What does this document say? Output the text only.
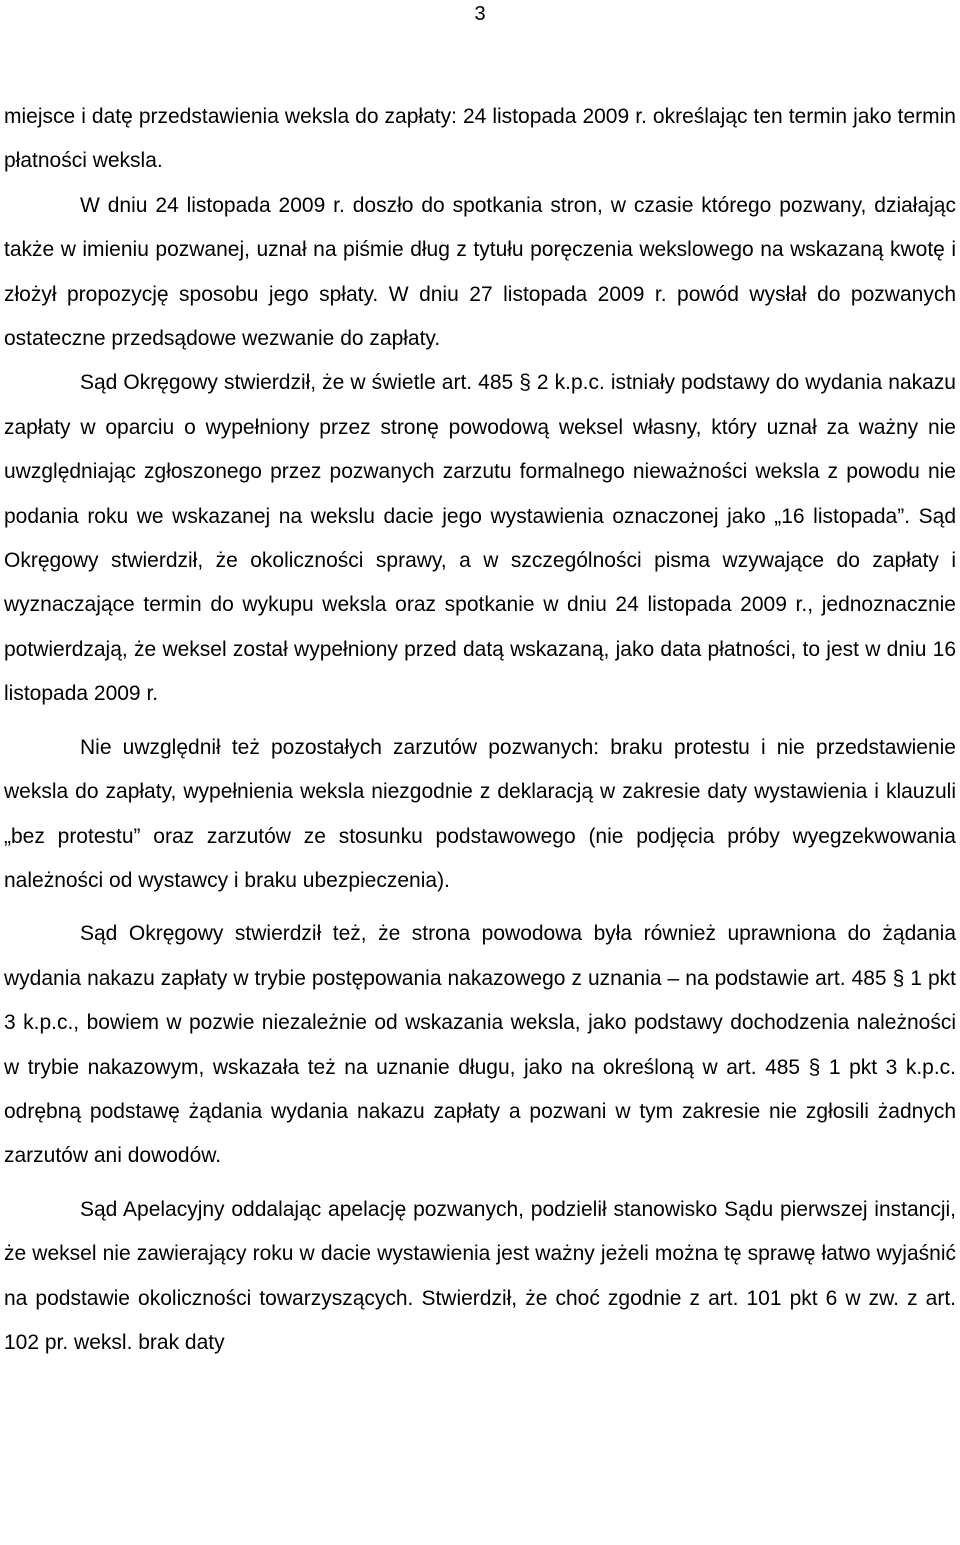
3

miejsce i datę przedstawienia weksla do zapłaty: 24 listopada 2009 r. określając ten termin jako termin płatności weksla.

W dniu 24 listopada 2009 r. doszło do spotkania stron, w czasie którego pozwany, działając także w imieniu pozwanej, uznał na piśmie dług z tytułu poręczenia wekslowego na wskazaną kwotę i złożył propozycję sposobu jego spłaty. W dniu 27 listopada 2009 r. powód wysłał do pozwanych ostateczne przedsądowe wezwanie do zapłaty.

Sąd Okręgowy stwierdził, że w świetle art. 485 § 2 k.p.c. istniały podstawy do wydania nakazu zapłaty w oparciu o wypełniony przez stronę powodową weksel własny, który uznał za ważny nie uwzględniając zgłoszonego przez pozwanych zarzutu formalnego nieważności weksla z powodu nie podania roku we wskazanej na wekslu dacie jego wystawienia oznaczonej jako „16 listopada”. Sąd Okręgowy stwierdził, że okoliczności sprawy, a w szczególności pisma wzywające do zapłaty i wyznaczające termin do wykupu weksla oraz spotkanie w dniu 24 listopada 2009 r., jednoznacznie potwierdzają, że weksel został wypełniony przed datą wskazaną, jako data płatności, to jest w dniu 16 listopada 2009 r.

Nie uwzględnił też pozostałych zarzutów pozwanych: braku protestu i nie przedstawienie weksla do zapłaty, wypełnienia weksla niezgodnie z deklaracją w zakresie daty wystawienia i klauzuli „bez protestu” oraz zarzutów ze stosunku podstawowego (nie podjęcia próby wyegzekwowania należności od wystawcy i braku ubezpieczenia).

Sąd Okręgowy stwierdził też, że strona powodowa była również uprawniona do żądania wydania nakazu zapłaty w trybie postępowania nakazowego z uznania – na podstawie art. 485 § 1 pkt 3 k.p.c., bowiem w pozwie niezależnie od wskazania weksla, jako podstawy dochodzenia należności w trybie nakazowym, wskazała też na uznanie długu, jako na określoną w art. 485 § 1 pkt 3 k.p.c. odrębną podstawę żądania wydania nakazu zapłaty a pozwani w tym zakresie nie zgłosili żadnych zarzutów ani dowodów.

Sąd Apelacyjny oddalając apelację pozwanych, podzielił stanowisko Sądu pierwszej instancji, że weksel nie zawierający roku w dacie wystawienia jest ważny jeżeli można tę sprawę łatwo wyjaśnić na podstawie okoliczności towarzyszących. Stwierdził, że choć zgodnie z art. 101 pkt 6 w zw. z art. 102 pr. weksl. brak daty
